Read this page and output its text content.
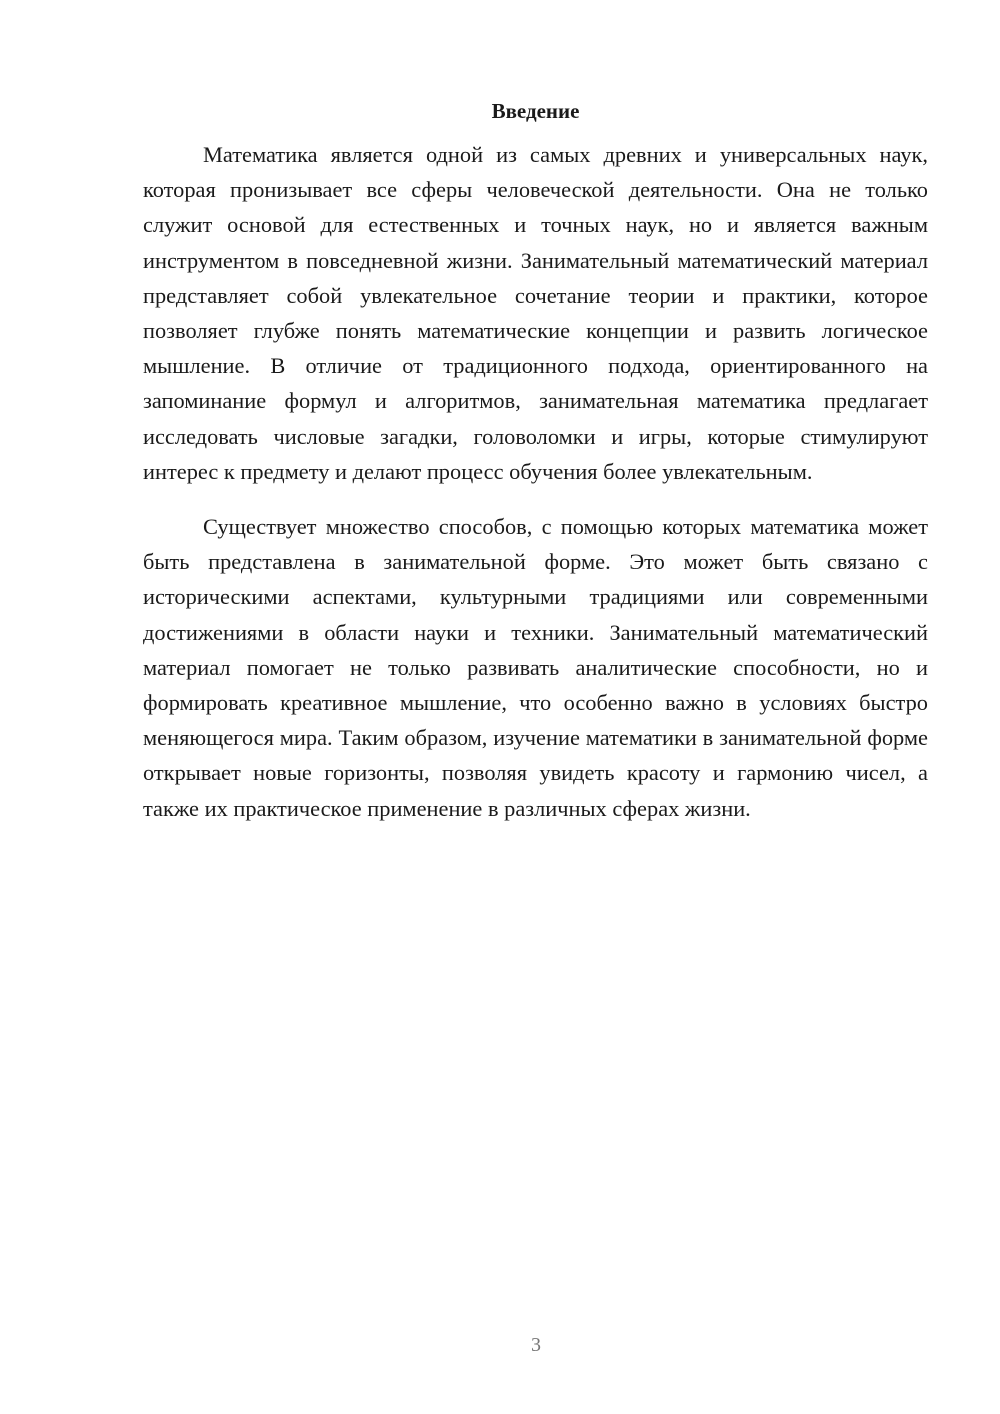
Введение

Математика является одной из самых древних и универсальных наук, которая пронизывает все сферы человеческой деятельности. Она не только служит основой для естественных и точных наук, но и является важным инструментом в повседневной жизни. Занимательный математический материал представляет собой увлекательное сочетание теории и практики, которое позволяет глубже понять математические концепции и развить логическое мышление. В отличие от традиционного подхода, ориентированного на запоминание формул и алгоритмов, занимательная математика предлагает исследовать числовые загадки, головоломки и игры, которые стимулируют интерес к предмету и делают процесс обучения более увлекательным.

Существует множество способов, с помощью которых математика может быть представлена в занимательной форме. Это может быть связано с историческими аспектами, культурными традициями или современными достижениями в области науки и техники. Занимательный математический материал помогает не только развивать аналитические способности, но и формировать креативное мышление, что особенно важно в условиях быстро меняющегося мира. Таким образом, изучение математики в занимательной форме открывает новые горизонты, позволяя увидеть красоту и гармонию чисел, а также их практическое применение в различных сферах жизни.

3
